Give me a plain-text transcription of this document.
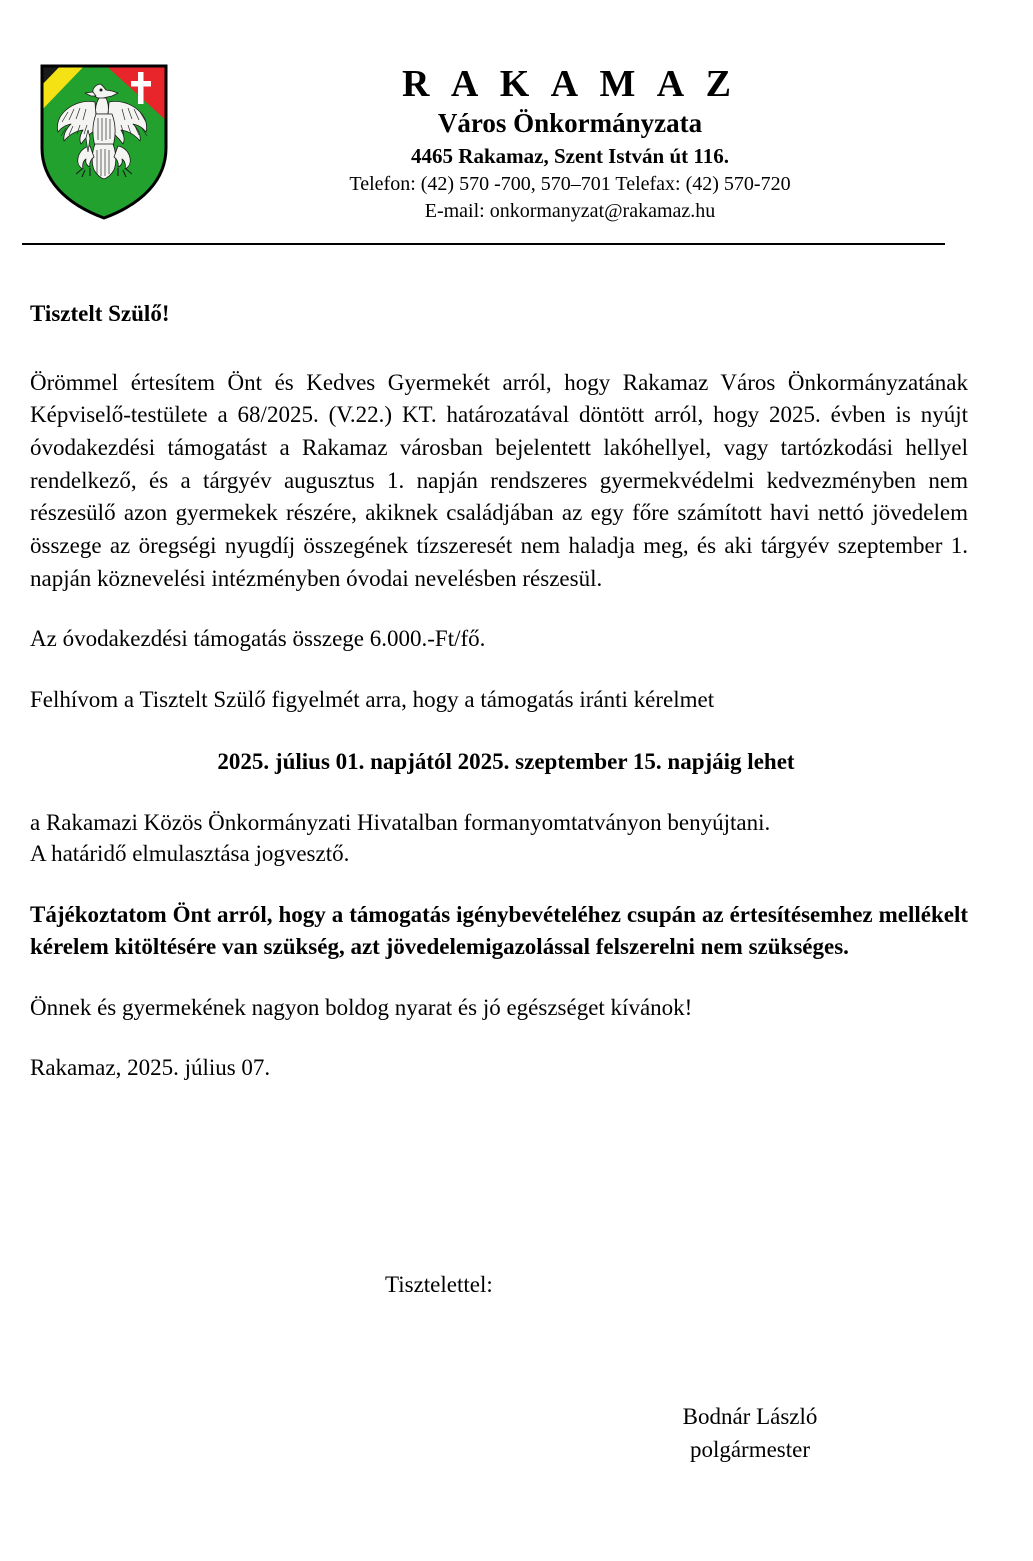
R A K A M A Z
Város Önkormányzata
4465 Rakamaz, Szent István út 116.
Telefon: (42) 570 -700, 570–701 Telefax: (42) 570-720
E-mail: onkormanyzat@rakamaz.hu
Tisztelt Szülő!

Örömmel értesítem Önt és Kedves Gyermekét arról, hogy Rakamaz Város Önkormányzatának Képviselő-testülete a 68/2025. (V.22.) KT. határozatával döntött arról, hogy 2025. évben is nyújt óvodakezdési támogatást a Rakamaz városban bejelentett lakóhellyel, vagy tartózkodási hellyel rendelkező, és a tárgyév augusztus 1. napján rendszeres gyermekvédelmi kedvezményben nem részesülő azon gyermekek részére, akiknek családjában az egy főre számított havi nettó jövedelem összege az öregségi nyugdíj összegének tízszeresét nem haladja meg, és aki tárgyév szeptember 1. napján köznevelési intézményben óvodai nevelésben részesül.

Az óvodakezdési támogatás összege 6.000.-Ft/fő.

Felhívom a Tisztelt Szülő figyelmét arra, hogy a támogatás iránti kérelmet

2025. július 01. napjától 2025. szeptember 15. napjáig lehet
a Rakamazi Közös Önkormányzati Hivatalban formanyomtatványon benyújtani.
A határidő elmulasztása jogvesztő.

Tájékoztatom Önt arról, hogy a támogatás igénybevételéhez csupán az értesítésemhez mellékelt kérelem kitöltésére van szükség, azt jövedelemigazolással felszerelni nem szükséges.

Önnek és gyermekének nagyon boldog nyarat és jó egészséget kívánok!
Rakamaz, 2025. július 07.
Tisztelettel:
Bodnár László
polgármester
